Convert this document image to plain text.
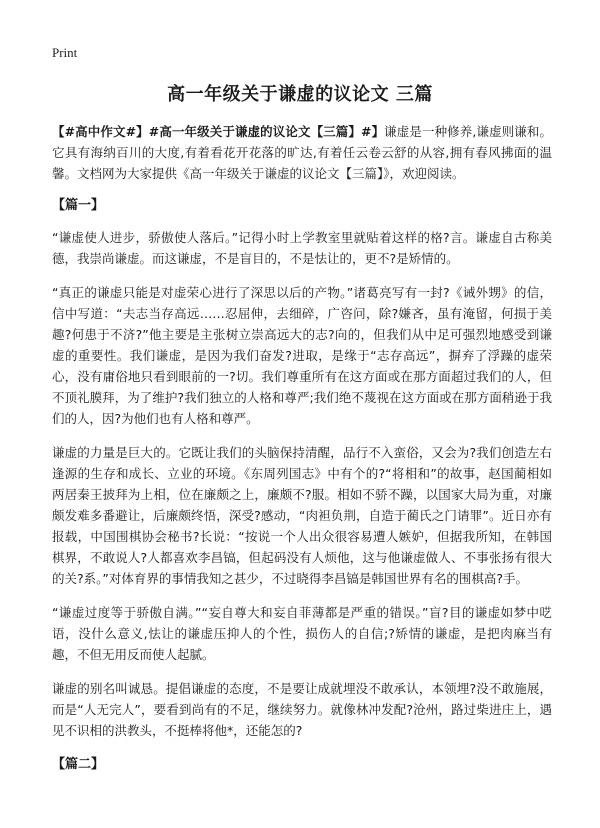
Print
高一年级关于谦虚的议论文 三篇

【#高中作文#】#高一年级关于谦虚的议论文【三篇】#】谦虚是一种修养,谦虚则谦和。它具有海纳百川的大度,有着看花开花落的旷达,有着任云卷云舒的从容,拥有春风拂面的温馨。文档网为大家提供《高一年级关于谦虚的议论文【三篇】》，欢迎阅读。

【篇一】

“谦虚使人进步，骄傲使人落后。”记得小时上学教室里就贴着这样的格?言。谦虚自古称美德，我崇尚谦虚。而这谦虚，不是盲目的，不是怯让的，更不?是矫情的。

“真正的谦虚只能是对虚荣心进行了深思以后的产物。”诸葛亮写有一封?《诫外甥》的信，信中写道：“夫志当存高远……忍屈伸，去细碎，广咨问，除?嫌吝，虽有淹留，何损于美趣?何患于不济?”他主要是主张树立崇高远大的志?向的，但我们从中足可强烈地感受到谦虚的重要性。我们谦虚，是因为我们奋发?进取，是缘于“志存高远”，摒弃了浮躁的虚荣心，没有庸俗地只看到眼前的一?切。我们尊重所有在这方面或在那方面超过我们的人，但不顶礼膜拜，为了维护?我们独立的人格和尊严;我们绝不蔑视在这方面或在那方面稍逊于我们的人，因?为他们也有人格和尊严。

谦虚的力量是巨大的。它既让我们的头脑保持清醒，品行不入蛮俗，又会为?我们创造左右逢源的生存和成长、立业的环境。《东周列国志》中有个的?“将相和”的故事，赵国蔺相如两居秦王披拜为上相，位在廉颇之上，廉颇不?服。相如不骄不躁，以国家大局为重，对廉颇发难多番避让，后廉颇终悟，深受?感动，“肉袒负荆，自造于蔺氏之门请罪”。近日亦有报载，中国围棋协会秘书?长说：“按说一个人出众很容易遭人嫉妒，但据我所知，在韩国棋界，不敢说人?人都喜欢李昌镐，但起码没有人烦他，这与他谦虚做人、不事张扬有很大的关?系。”对体育界的事情我知之甚少，不过晓得李昌镐是韩国世界有名的围棋高?手。

“谦虚过度等于骄傲自满。”“妄自尊大和妄自菲薄都是严重的错误。”盲?目的谦虚如梦中呓语，没什么意义,怯让的谦虚压抑人的个性，损伤人的自信;?矫情的谦虚，是把肉麻当有趣，不但无用反而使人起腻。

谦虚的别名叫诚恳。提倡谦虚的态度，不是要让成就埋没不敢承认，本领埋?没不敢施展，而是“人无完人”，要看到尚有的不足，继续努力。就像林冲发配?沧州，路过柴进庄上，遇见不识相的洪教头，不挺棒将他*，还能怎的?

【篇二】
